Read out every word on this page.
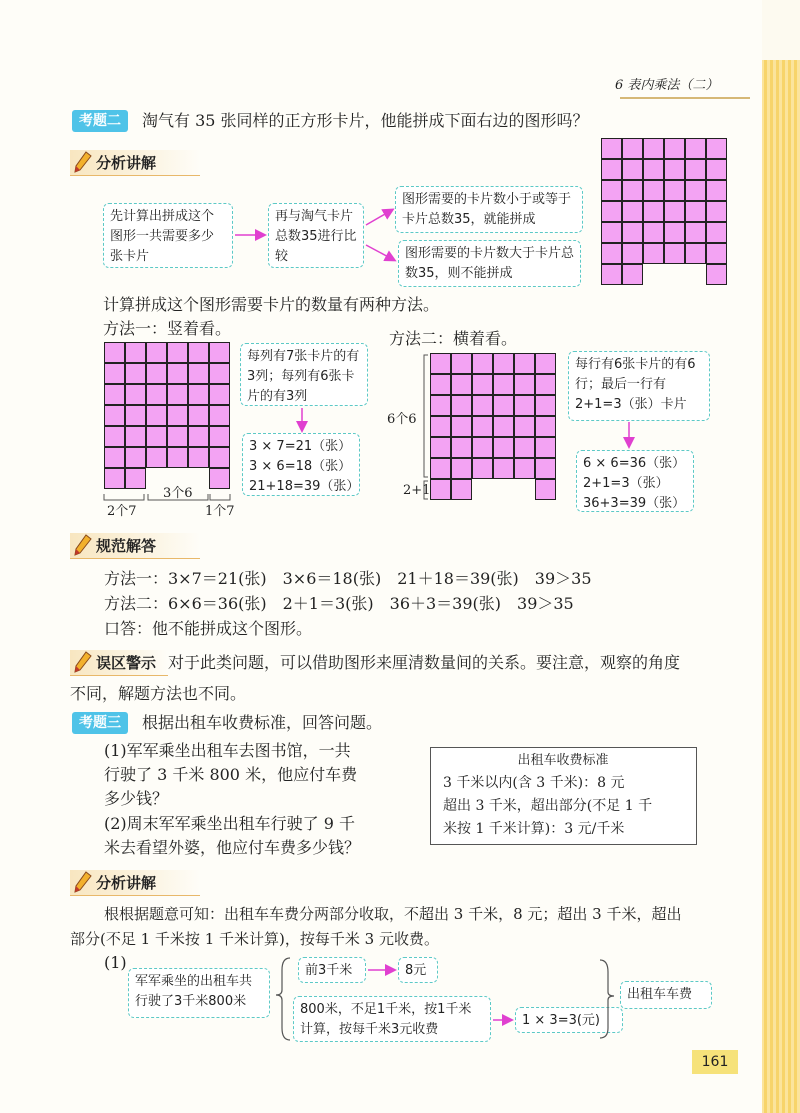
6 表内乘法（二）
考题二	淘气有 35 张同样的正方形卡片，他能拼成下面右边的图形吗？
分析讲解
先计算出拼成这个图形一共需要多少张卡片
再与淘气卡片总数35进行比较
图形需要的卡片数小于或等于卡片总数35，就能拼成
图形需要的卡片数大于卡片总数35，则不能拼成
计算拼成这个图形需要卡片的数量有两种方法。
方法一：竖着看。
方法二：横着看。
2个7
3个6
1个7
每列有7张卡片的有3列；每列有6张卡片的有3列
3 × 7=21（张）
3 × 6=18（张）
21+18=39（张）
6个6
2+1
每行有6张卡片的有6行；最后一行有2+1=3（张）卡片
6 × 6=36（张）
2+1=3（张）
36+3=39（张）
规范解答
方法一：3×7＝21(张)　3×6＝18(张)　21＋18＝39(张)　39＞35
方法二：6×6＝36(张)　2＋1＝3(张)　36＋3＝39(张)　39＞35
口答：他不能拼成这个图形。
误区警示 对于此类问题，可以借助图形来厘清数量间的关系。要注意，观察的角度
不同，解题方法也不同。
考题三	根据出租车收费标准，回答问题。
(1)军军乘坐出租车去图书馆，一共
行驶了 3 千米 800 米，他应付车费
多少钱？
(2)周末军军乘坐出租车行驶了 9 千
米去看望外婆，他应付车费多少钱？
出租车收费标准
3 千米以内(含 3 千米)：8 元
超出 3 千米，超出部分(不足 1 千
米按 1 千米计算)：3 元/千米
分析讲解
根根据题意可知：出租车车费分两部分收取，不超出 3 千米，8 元；超出 3 千米，超出
部分(不足 1 千米按 1 千米计算)，按每千米 3 元收费。
(1)
军军乘坐的出租车共行驶了3千米800米
前3千米	8元
800米，不足1千米，按1千米计算，按每千米3元收费
1 × 3=3(元)
出租车车费
161
